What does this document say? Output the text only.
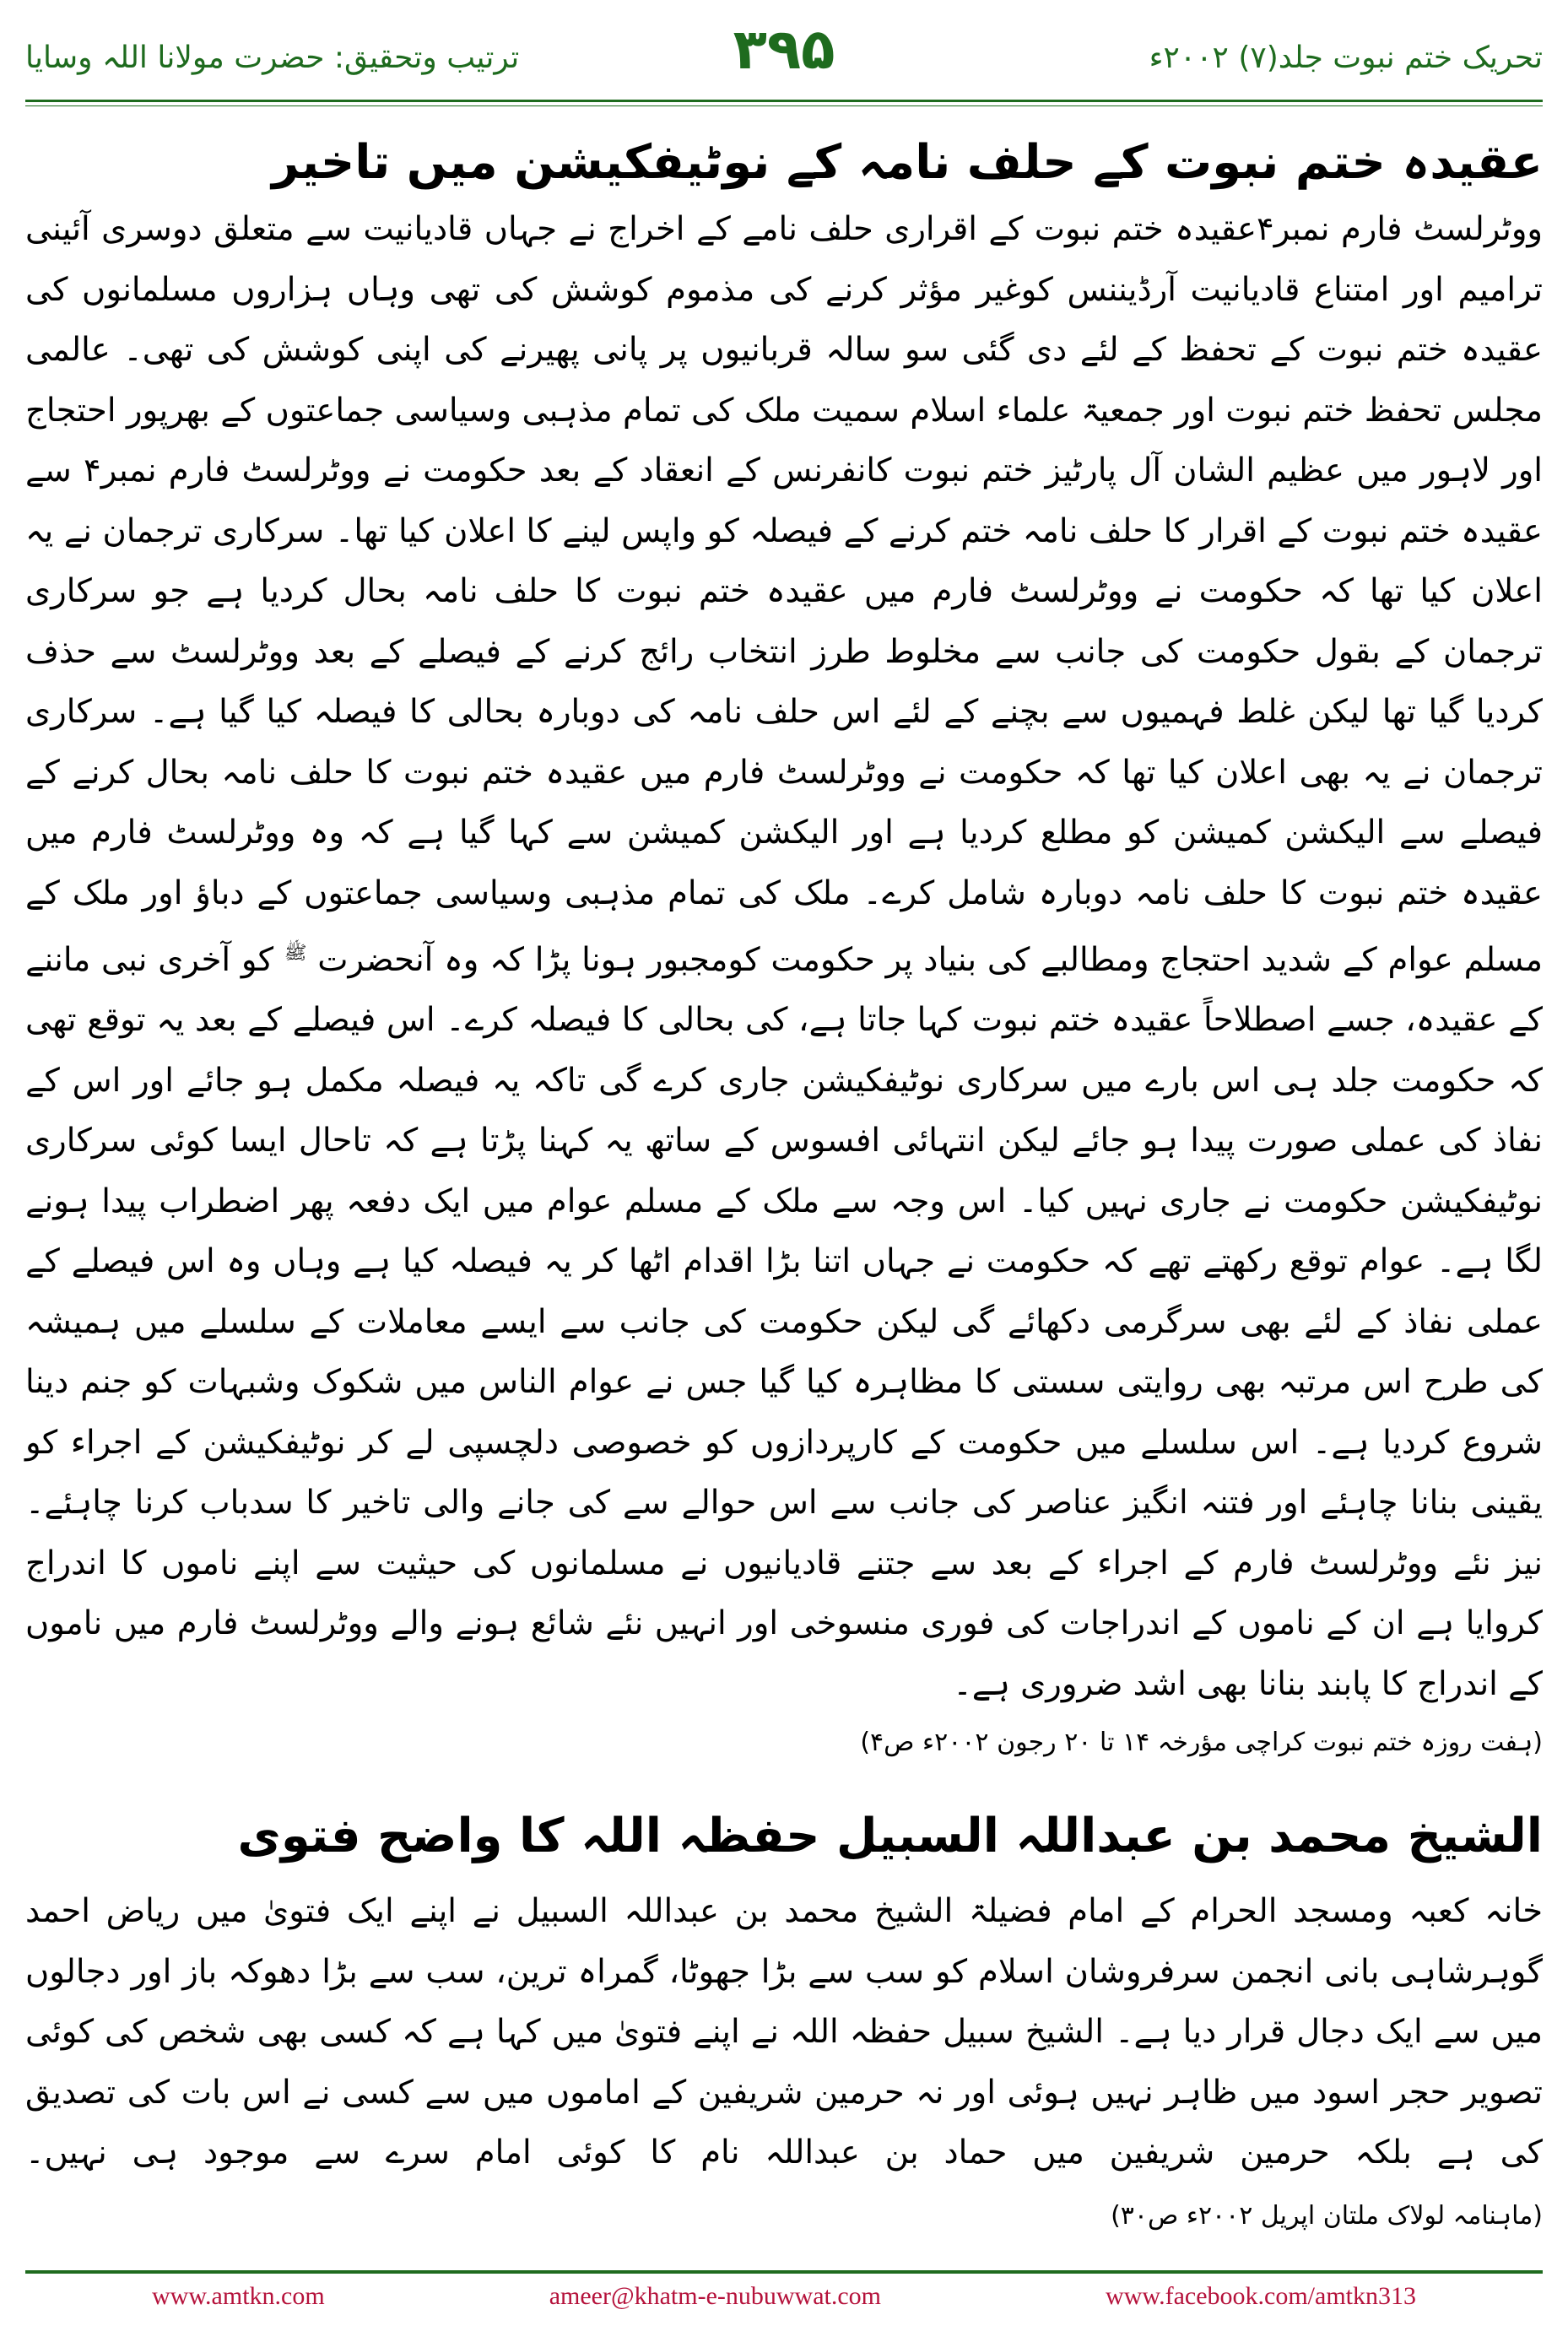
ترتیب وتحقیق: حضرت مولانا اللہ وسایا	۳۹۵	تحریک ختم نبوت جلد(۷) ۲۰۰۲ء
عقیدہ ختم نبوت کے حلف نامہ کے نوٹیفکیشن میں تاخیر

ووٹرلسٹ فارم نمبر۴عقیدہ ختم نبوت کے اقراری حلف نامے کے اخراج نے جہاں قادیانیت سے متعلق دوسری آئینی ترامیم اور امتناع قادیانیت آرڈیننس کوغیر مؤثر کرنے کی مذموم کوشش کی تھی وہاں ہزاروں مسلمانوں کی عقیدہ ختم نبوت کے تحفظ کے لئے دی گئی سو سالہ قربانیوں پر پانی پھیرنے کی اپنی کوشش کی تھی۔ عالمی مجلس تحفظ ختم نبوت اور جمعیۃ علماء اسلام سمیت ملک کی تمام مذہبی وسیاسی جماعتوں کے بھرپور احتجاج اور لاہور میں عظیم الشان آل پارٹیز ختم نبوت کانفرنس کے انعقاد کے بعد حکومت نے ووٹرلسٹ فارم نمبر۴ سے عقیدہ ختم نبوت کے اقرار کا حلف نامہ ختم کرنے کے فیصلہ کو واپس لینے کا اعلان کیا تھا۔ سرکاری ترجمان نے یہ اعلان کیا تھا کہ حکومت نے ووٹرلسٹ فارم میں عقیدہ ختم نبوت کا حلف نامہ بحال کردیا ہے جو سرکاری ترجمان کے بقول حکومت کی جانب سے مخلوط طرز انتخاب رائج کرنے کے فیصلے کے بعد ووٹرلسٹ سے حذف کردیا گیا تھا لیکن غلط فہمیوں سے بچنے کے لئے اس حلف نامہ کی دوبارہ بحالی کا فیصلہ کیا گیا ہے۔ سرکاری ترجمان نے یہ بھی اعلان کیا تھا کہ حکومت نے ووٹرلسٹ فارم میں عقیدہ ختم نبوت کا حلف نامہ بحال کرنے کے فیصلے سے الیکشن کمیشن کو مطلع کردیا ہے اور الیکشن کمیشن سے کہا گیا ہے کہ وہ ووٹرلسٹ فارم میں عقیدہ ختم نبوت کا حلف نامہ دوبارہ شامل کرے۔ ملک کی تمام مذہبی وسیاسی جماعتوں کے دباؤ اور ملک کے مسلم عوام کے شدید احتجاج ومطالبے کی بنیاد پر حکومت کومجبور ہونا پڑا کہ وہ آنحضرت $^ﷺ$ کو آخری نبی ماننے کے عقیدہ، جسے اصطلاحاً عقیدہ ختم نبوت کہا جاتا ہے، کی بحالی کا فیصلہ کرے۔ اس فیصلے کے بعد یہ توقع تھی کہ حکومت جلد ہی اس بارے میں سرکاری نوٹیفکیشن جاری کرے گی تاکہ یہ فیصلہ مکمل ہو جائے اور اس کے نفاذ کی عملی صورت پیدا ہو جائے لیکن انتہائی افسوس کے ساتھ یہ کہنا پڑتا ہے کہ تاحال ایسا کوئی سرکاری نوٹیفکیشن حکومت نے جاری نہیں کیا۔ اس وجہ سے ملک کے مسلم عوام میں ایک دفعہ پھر اضطراب پیدا ہونے لگا ہے۔ عوام توقع رکھتے تھے کہ حکومت نے جہاں اتنا بڑا اقدام اٹھا کر یہ فیصلہ کیا ہے وہاں وہ اس فیصلے کے عملی نفاذ کے لئے بھی سرگرمی دکھائے گی لیکن حکومت کی جانب سے ایسے معاملات کے سلسلے میں ہمیشہ کی طرح اس مرتبہ بھی روایتی سستی کا مظاہرہ کیا گیا جس نے عوام الناس میں شکوک وشبہات کو جنم دینا شروع کردیا ہے۔ اس سلسلے میں حکومت کے کارپردازوں کو خصوصی دلچسپی لے کر نوٹیفکیشن کے اجراء کو یقینی بنانا چاہئے اور فتنہ انگیز عناصر کی جانب سے اس حوالے سے کی جانے والی تاخیر کا سدباب کرنا چاہئے۔ نیز نئے ووٹرلسٹ فارم کے اجراء کے بعد سے جتنے قادیانیوں نے مسلمانوں کی حیثیت سے اپنے ناموں کا اندراج کروایا ہے ان کے ناموں کے اندراجات کی فوری منسوخی اور انہیں نئے شائع ہونے والے ووٹرلسٹ فارم میں ناموں کے اندراج کا پابند بنانا بھی اشد ضروری ہے۔

(ہفت روزہ ختم نبوت کراچی مؤرخہ ۱۴ تا ۲۰ رجون ۲۰۰۲ء ص۴)

الشیخ محمد بن عبداللہ السبیل حفظہ اللہ کا واضح فتوی

خانہ کعبہ ومسجد الحرام کے امام فضیلۃ الشیخ محمد بن عبداللہ السبیل نے اپنے ایک فتویٰ میں ریاض احمد گوہرشاہی بانی انجمن سرفروشان اسلام کو سب سے بڑا جھوٹا، گمراہ ترین، سب سے بڑا دھوکہ باز اور دجالوں میں سے ایک دجال قرار دیا ہے۔ الشیخ سبیل حفظہ اللہ نے اپنے فتویٰ میں کہا ہے کہ کسی بھی شخص کی کوئی تصویر حجر اسود میں ظاہر نہیں ہوئی اور نہ حرمین شریفین کے اماموں میں سے کسی نے اس بات کی تصدیق کی ہے بلکہ حرمین شریفین میں حماد بن عبداللہ نام کا کوئی امام سرے سے موجود ہی نہیں۔ (ماہنامہ لولاک ملتان اپریل ۲۰۰۲ء ص۳۰)

www.amtkn.com	ameer@khatm-e-nubuwwat.com	www.facebook.com/amtkn313
